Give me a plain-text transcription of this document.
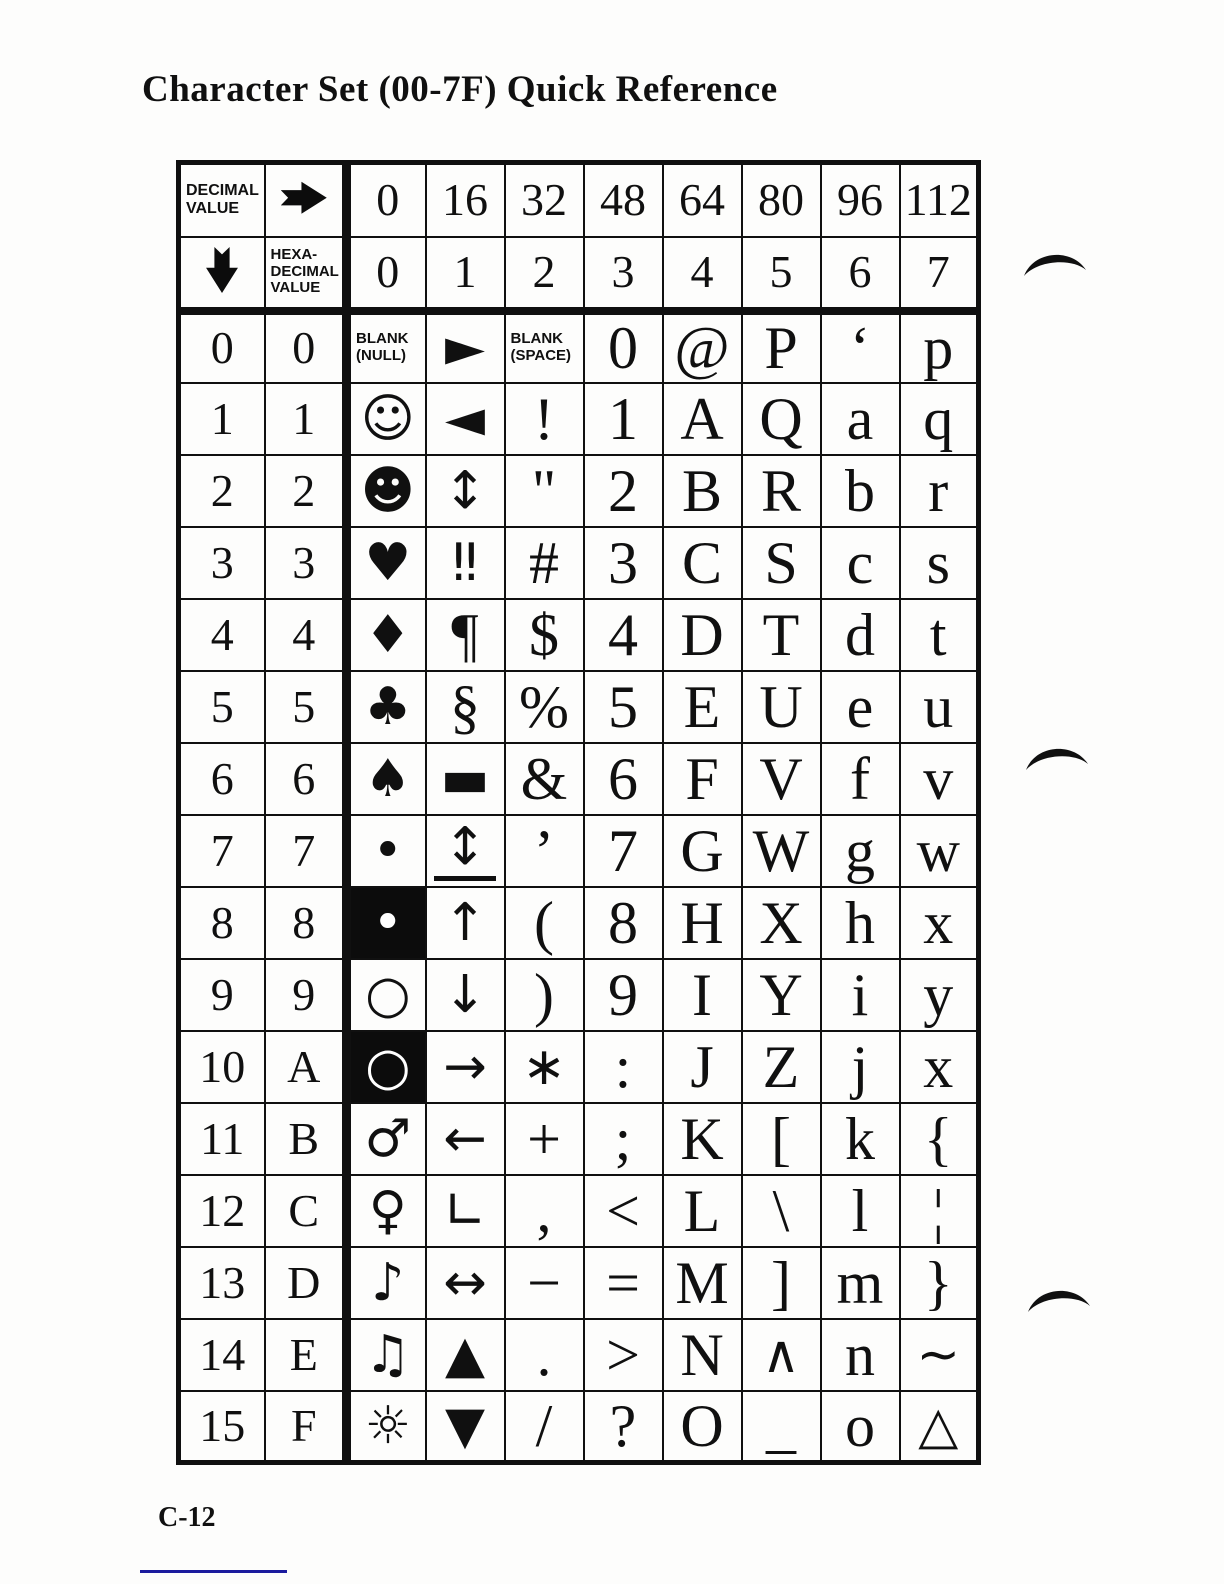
Character Set (00-7F) Quick Reference
DECIMAL
VALUE		0	16	32	48	64	80	96	112

	HEXA-
DECIMAL
VALUE	0	1	2	3	4	5	6	7
0	0	BLANK
(NULL)	►	BLANK
(SPACE)	0	@	P	‘	p
1	1	☺	◄	!	1	A	Q	a	q
2	2	☻	↕	"	2	B	R	b	r
3	3	♥	‼	#	3	C	S	c	s
4	4	♦	¶	$	4	D	T	d	t
5	5	♣	§	%	5	E	U	e	u
6	6	♠	▬	&	6	F	V	f	v
7	7	•	↕	’	7	G	W	g	w
8	8	•	↑	(	8	H	X	h	x
9	9	○	↓	)	9	I	Y	i	y
10	A	○	→	∗	:	J	Z	j	x
11	B	♂	←	+	;	K	[	k	{
12	C	♀	∟	,	<	L	\	l	¦
13	D	♪	↔	−	=	M	]	m	}
14	E	♫	▲	.	>	N	∧	n	∼
15	F	☼	▼	/	?	O	_	o	△
C-12
